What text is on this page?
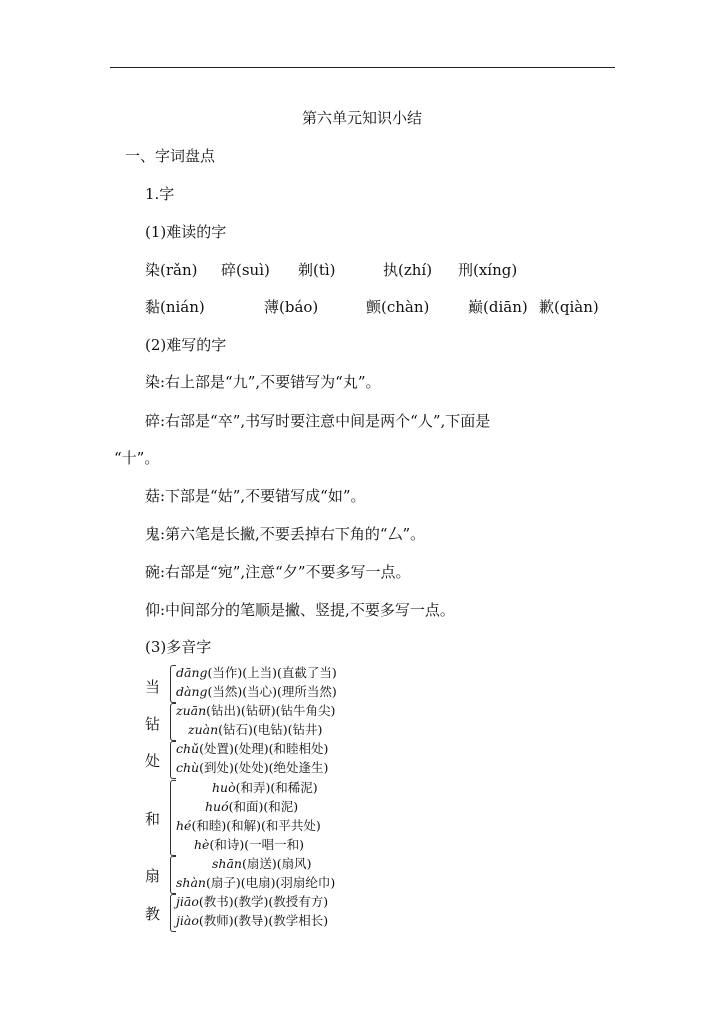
第六单元知识小结
一、字词盘点
1.字
(1)难读的字
染(rǎn) 碎(suì) 剃(tì)	执(zhí) 刑(xíng)
黏(nián)	薄(báo)	颤(chàn)	巅(diān) 歉(qiàn)
(2)难写的字
染:右上部是“九”,不要错写为“丸”。
碎:右部是“卒”,书写时要注意中间是两个“人”,下面是
“十”。
菇:下部是“姑”,不要错写成“如”。
鬼:第六笔是长撇,不要丢掉右下角的“厶”。
碗:右部是“宛”,注意“夕”不要多写一点。
仰:中间部分的笔顺是撇、竖提,不要多写一点。
(3)多音字
当
dāng(当作)(上当)(直截了当)
dàng(当然)(当心)(理所当然)
钻
zuān(钻出)(钻研)(钻牛角尖)
zuàn(钻石)(电钻)(钻井)
处
chǔ(处置)(处理)(和睦相处)
chù(到处)(处处)(绝处逢生)
和
huò(和弄)(和稀泥)
huó(和面)(和泥)
hé(和睦)(和解)(和平共处)
hè(和诗)(一唱一和)
扇
shān(扇送)(扇风)
shàn(扇子)(电扇)(羽扇纶巾)
教
jiāo(教书)(教学)(教授有方)
jiào(教师)(教导)(教学相长)
